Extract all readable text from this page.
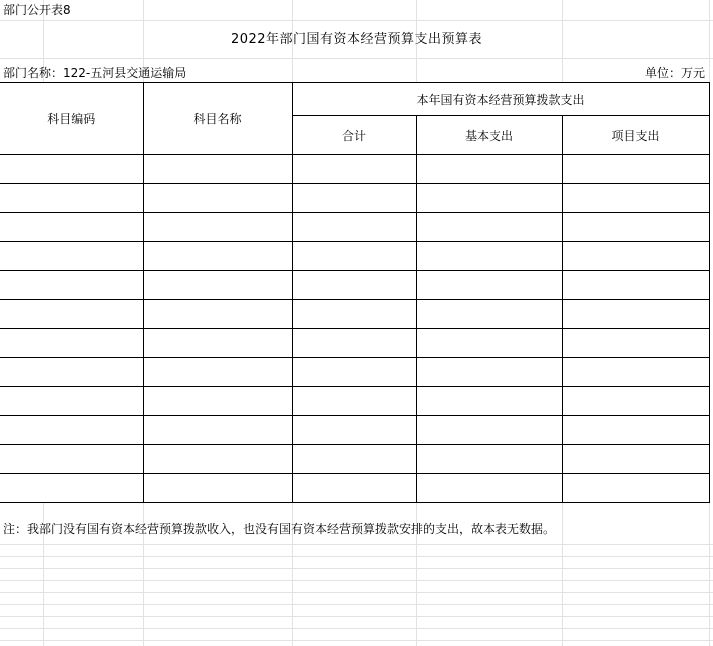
部门公开表8
2022年部门国有资本经营预算支出预算表
部门名称：122-五河县交通运输局	单位：万元
科目编码	科目名称	本年国有资本经营预算拨款支出		
		合计	基本支出	项目支出

注：我部门没有国有资本经营预算拨款收入，也没有国有资本经营预算拨款安排的支出，故本表无数据。
